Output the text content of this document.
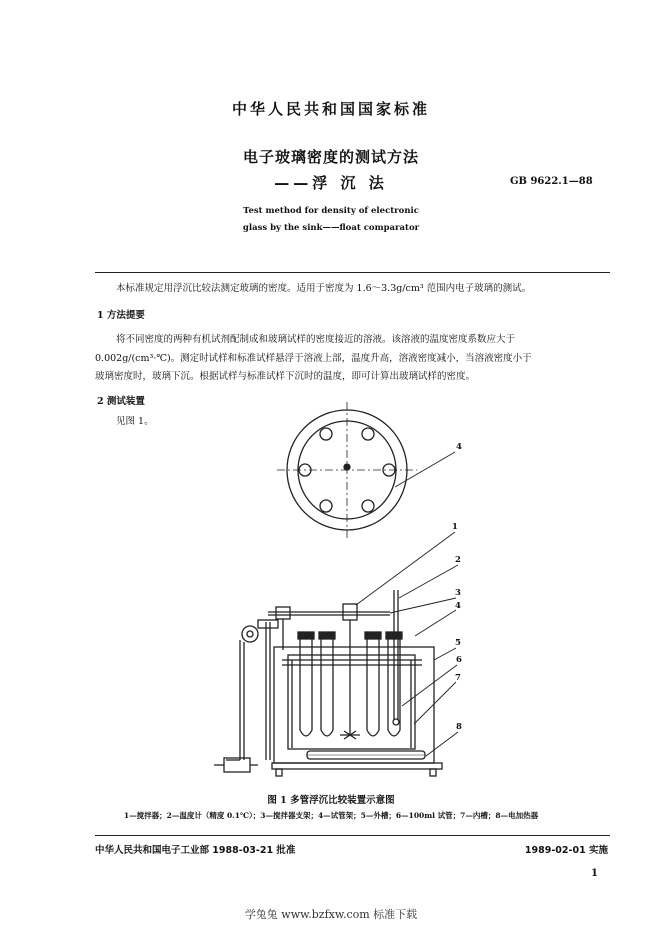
中华人民共和国国家标准
电子玻璃密度的测试方法
——浮 沉 法	GB 9622.1—88
Test method for density of electronic
glass by the sink——float comparator
本标准规定用浮沉比较法测定玻璃的密度。适用于密度为 1.6～3.3g/cm³ 范围内电子玻璃的测试。
1 方法提要
将不同密度的两种有机试剂配制成和玻璃试样的密度接近的溶液。该溶液的温度密度系数应大于
0.002g/(cm³·℃)。测定时试样和标准试样悬浮于溶液上部，温度升高，溶液密度减小，当溶液密度小于
玻璃密度时，玻璃下沉。根据试样与标准试样下沉时的温度，即可计算出玻璃试样的密度。
2 测试装置
见图 1。
4
1
2
3
4
5
6
7
8
图 1 多管浮沉比较装置示意图
1—搅拌器；2—温度计（精度 0.1℃）；3—搅拌器支架；4—试管架；5—外槽；6—100ml 试管；7—内槽；8—电加热器
中华人民共和国电子工业部 1988-03-21 批准	1989-02-01 实施
1
学兔兔 www.bzfxw.com 标准下载
